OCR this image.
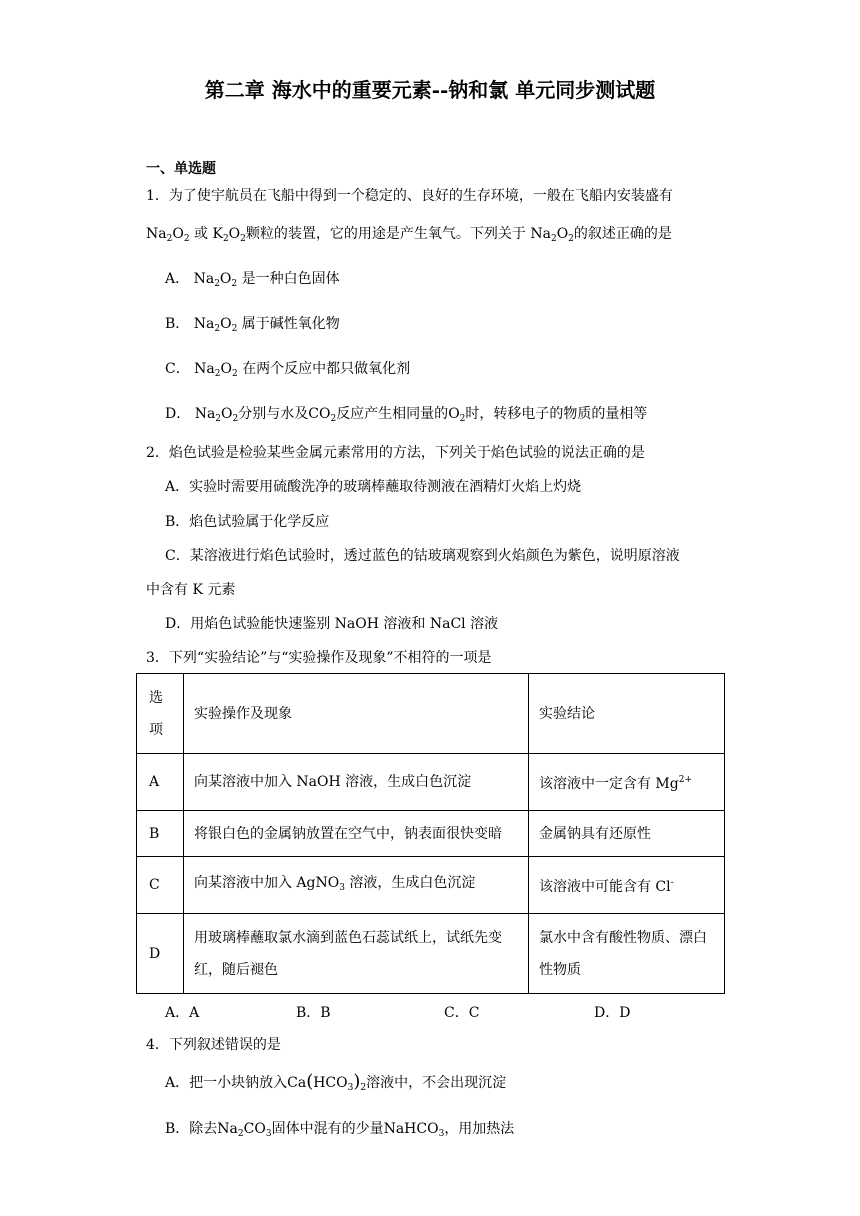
第二章 海水中的重要元素--钠和氯 单元同步测试题
一、单选题
1．为了使宇航员在飞船中得到一个稳定的、良好的生存环境，一般在飞船内安装盛有
$Na_2O_2$ 或 $K_2O_2$颗粒的装置，它的用途是产生氧气。下列关于 $Na_2O_2$的叙述正确的是
A． $Na_2O_2$ 是一种白色固体
B． $Na_2O_2$ 属于碱性氧化物
C． $Na_2O_2$ 在两个反应中都只做氧化剂
D． $Na_2O_2$分别与水及$CO_2$反应产生相同量的$O_2$时，转移电子的物质的量相等
2．焰色试验是检验某些金属元素常用的方法，下列关于焰色试验的说法正确的是
A．实验时需要用硫酸洗净的玻璃棒蘸取待测液在酒精灯火焰上灼烧
B．焰色试验属于化学反应
C．某溶液进行焰色试验时，透过蓝色的钴玻璃观察到火焰颜色为紫色，说明原溶液
中含有 K 元素
D．用焰色试验能快速鉴别 NaOH 溶液和 NaCl 溶液
3．下列“实验结论”与“实验操作及现象”不相符的一项是
选项	实验操作及现象	实验结论
A	向某溶液中加入 NaOH 溶液，生成白色沉淀	该溶液中一定含有 $Mg^{2+}$
B	将银白色的金属钠放置在空气中，钠表面很快变暗	金属钠具有还原性
C	向某溶液中加入 AgNO$_3$ 溶液，生成白色沉淀	该溶液中可能含有 Cl-
D	用玻璃棒蘸取氯水滴到蓝色石蕊试纸上，试纸先变红，随后褪色	氯水中含有酸性物质、漂白性物质
A．A	B．B	C．C	D．D
4．下列叙述错误的是
A．把一小块钠放入$Ca(HCO_3)_2$溶液中，不会出现沉淀
B．除去$Na_2CO_3$固体中混有的少量NaHCO$_3$，用加热法
